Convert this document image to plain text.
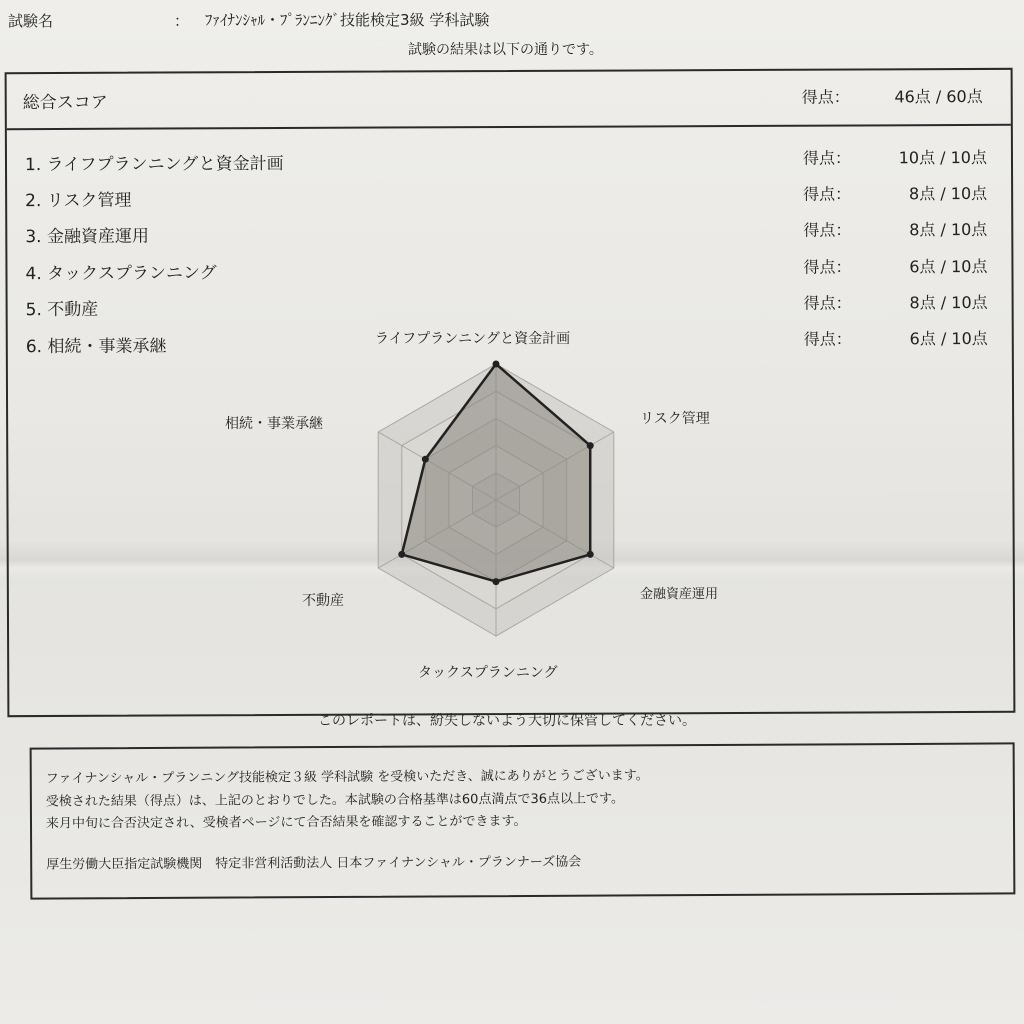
試験名	： ﾌｧｲﾅﾝｼｬﾙ・ﾌﾟﾗﾝﾆﾝｸﾞ技能検定3級 学科試験
試験の結果は以下の通りです。
総合スコア	得点：	46点 / 60点
1. ライフプランニングと資金計画	得点：	10点 / 10点
2. リスク管理	得点：	8点 / 10点
3. 金融資産運用	得点：	8点 / 10点
4. タックスプランニング	得点：	6点 / 10点
5. 不動産	得点：	8点 / 10点
6. 相続・事業承継	得点：	6点 / 10点
ライフプランニングと資金計画
リスク管理
金融資産運用
タックスプランニング
不動産
相続・事業承継
このレポートは、紛失しないよう大切に保管してください。
ファイナンシャル・プランニング技能検定３級 学科試験 を受検いただき、誠にありがとうございます。
受検された結果（得点）は、上記のとおりでした。本試験の合格基準は60点満点で36点以上です。
来月中旬に合否決定され、受検者ページにて合否結果を確認することができます。
厚生労働大臣指定試験機関　特定非営利活動法人 日本ファイナンシャル・プランナーズ協会
